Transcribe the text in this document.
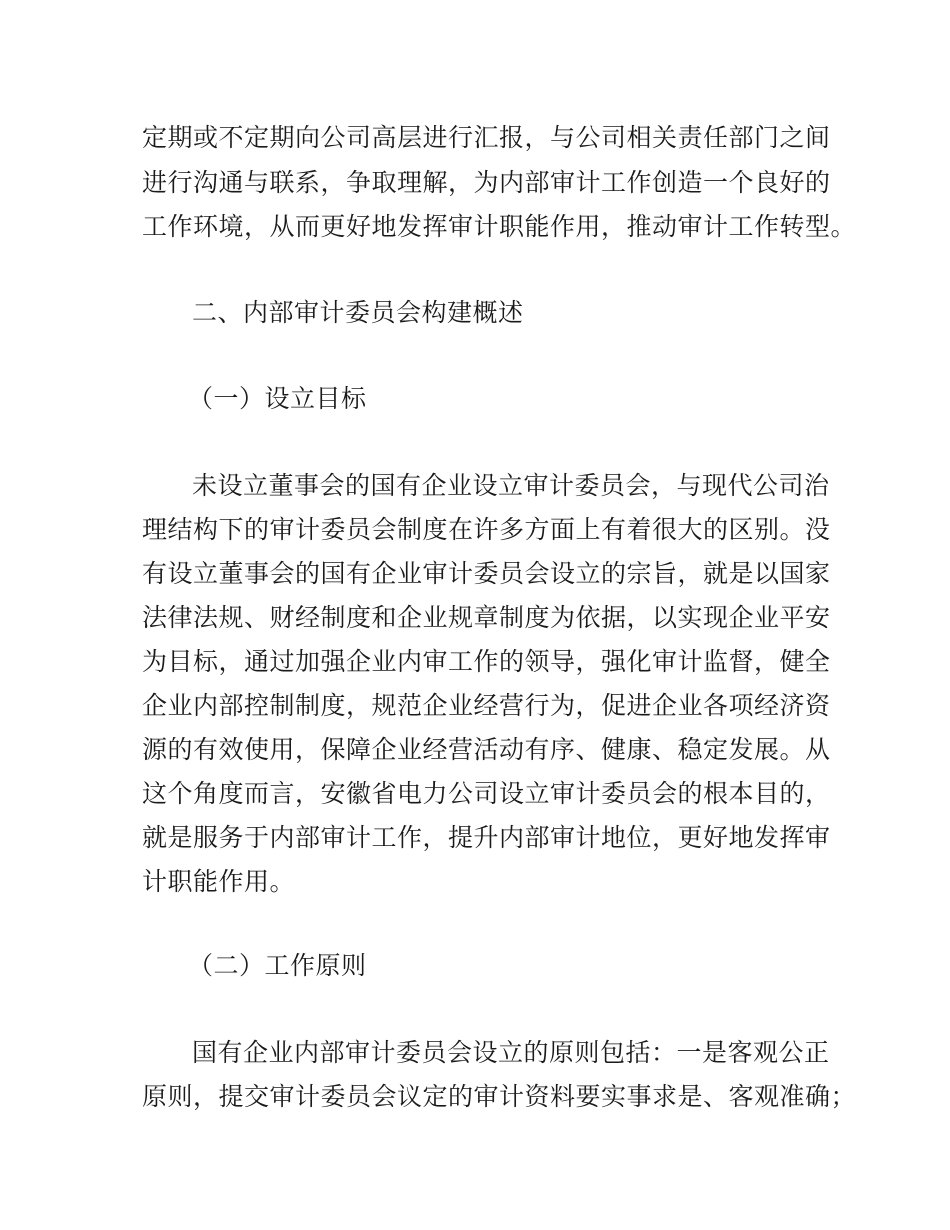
定期或不定期向公司高层进行汇报，与公司相关责任部门之间
进行沟通与联系，争取理解，为内部审计工作创造一个良好的
工作环境，从而更好地发挥审计职能作用，推动审计工作转型。
二、内部审计委员会构建概述
（一）设立目标
未设立董事会的国有企业设立审计委员会，与现代公司治
理结构下的审计委员会制度在许多方面上有着很大的区别。没
有设立董事会的国有企业审计委员会设立的宗旨，就是以国家
法律法规、财经制度和企业规章制度为依据，以实现企业平安
为目标，通过加强企业内审工作的领导，强化审计监督，健全
企业内部控制制度，规范企业经营行为，促进企业各项经济资
源的有效使用，保障企业经营活动有序、健康、稳定发展。从
这个角度而言，安徽省电力公司设立审计委员会的根本目的，
就是服务于内部审计工作，提升内部审计地位，更好地发挥审
计职能作用。
（二）工作原则
国有企业内部审计委员会设立的原则包括：一是客观公正
原则，提交审计委员会议定的审计资料要实事求是、客观准确；
